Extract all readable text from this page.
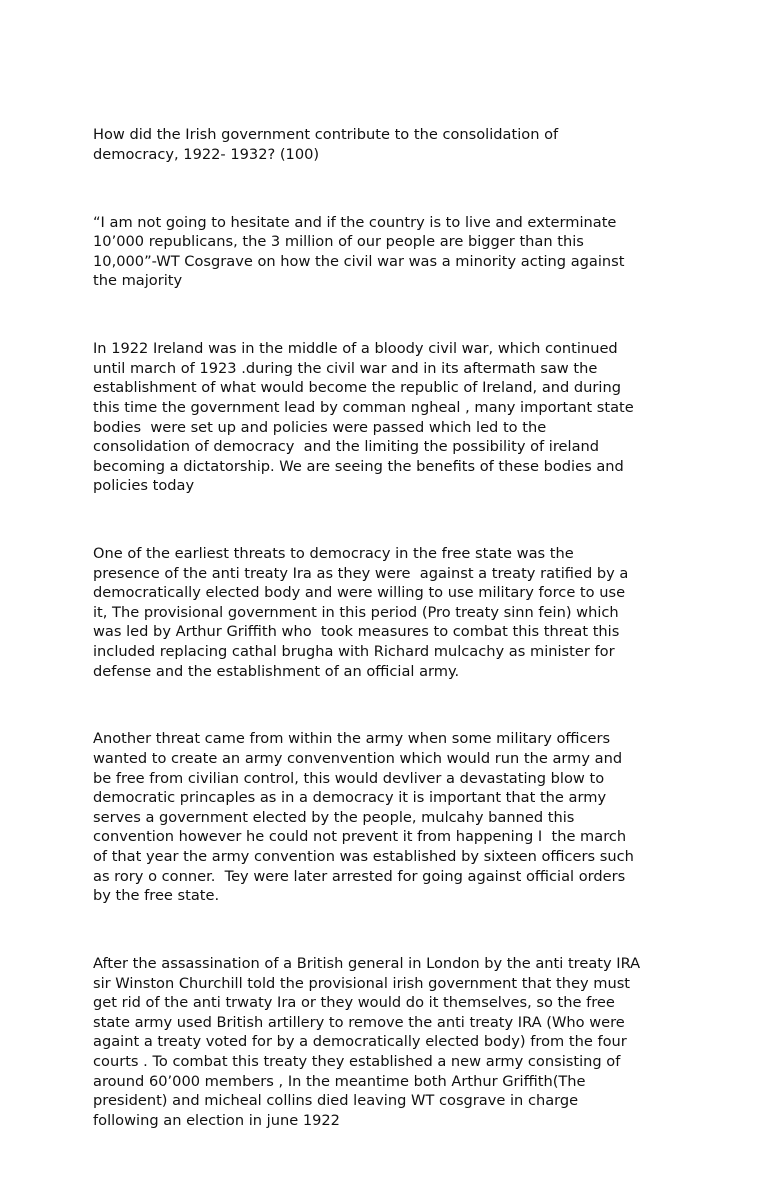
How did the Irish government contribute to the consolidation of
democracy, 1922- 1932? (100)

“I am not going to hesitate and if the country is to live and exterminate
10’000 republicans, the 3 million of our people are bigger than this
10,000”-WT Cosgrave on how the civil war was a minority acting against
the majority

In 1922 Ireland was in the middle of a bloody civil war, which continued
until march of 1923 .during the civil war and in its aftermath saw the
establishment of what would become the republic of Ireland, and during
this time the government lead by comman ngheal , many important state
bodies  were set up and policies were passed which led to the
consolidation of democracy  and the limiting the possibility of ireland
becoming a dictatorship. We are seeing the benefits of these bodies and
policies today

One of the earliest threats to democracy in the free state was the
presence of the anti treaty Ira as they were  against a treaty ratified by a
democratically elected body and were willing to use military force to use
it, The provisional government in this period (Pro treaty sinn fein) which
was led by Arthur Griffith who  took measures to combat this threat this
included replacing cathal brugha with Richard mulcachy as minister for
defense and the establishment of an official army.

Another threat came from within the army when some military officers
wanted to create an army convenvention which would run the army and
be free from civilian control, this would devliver a devastating blow to
democratic princaples as in a democracy it is important that the army
serves a government elected by the people, mulcahy banned this
convention however he could not prevent it from happening I  the march
of that year the army convention was established by sixteen officers such
as rory o conner.  Tey were later arrested for going against official orders
by the free state.

After the assassination of a British general in London by the anti treaty IRA
sir Winston Churchill told the provisional irish government that they must
get rid of the anti trwaty Ira or they would do it themselves, so the free
state army used British artillery to remove the anti treaty IRA (Who were
againt a treaty voted for by a democratically elected body) from the four
courts . To combat this treaty they established a new army consisting of
around 60’000 members , In the meantime both Arthur Griffith(The
president) and micheal collins died leaving WT cosgrave in charge
following an election in june 1922
